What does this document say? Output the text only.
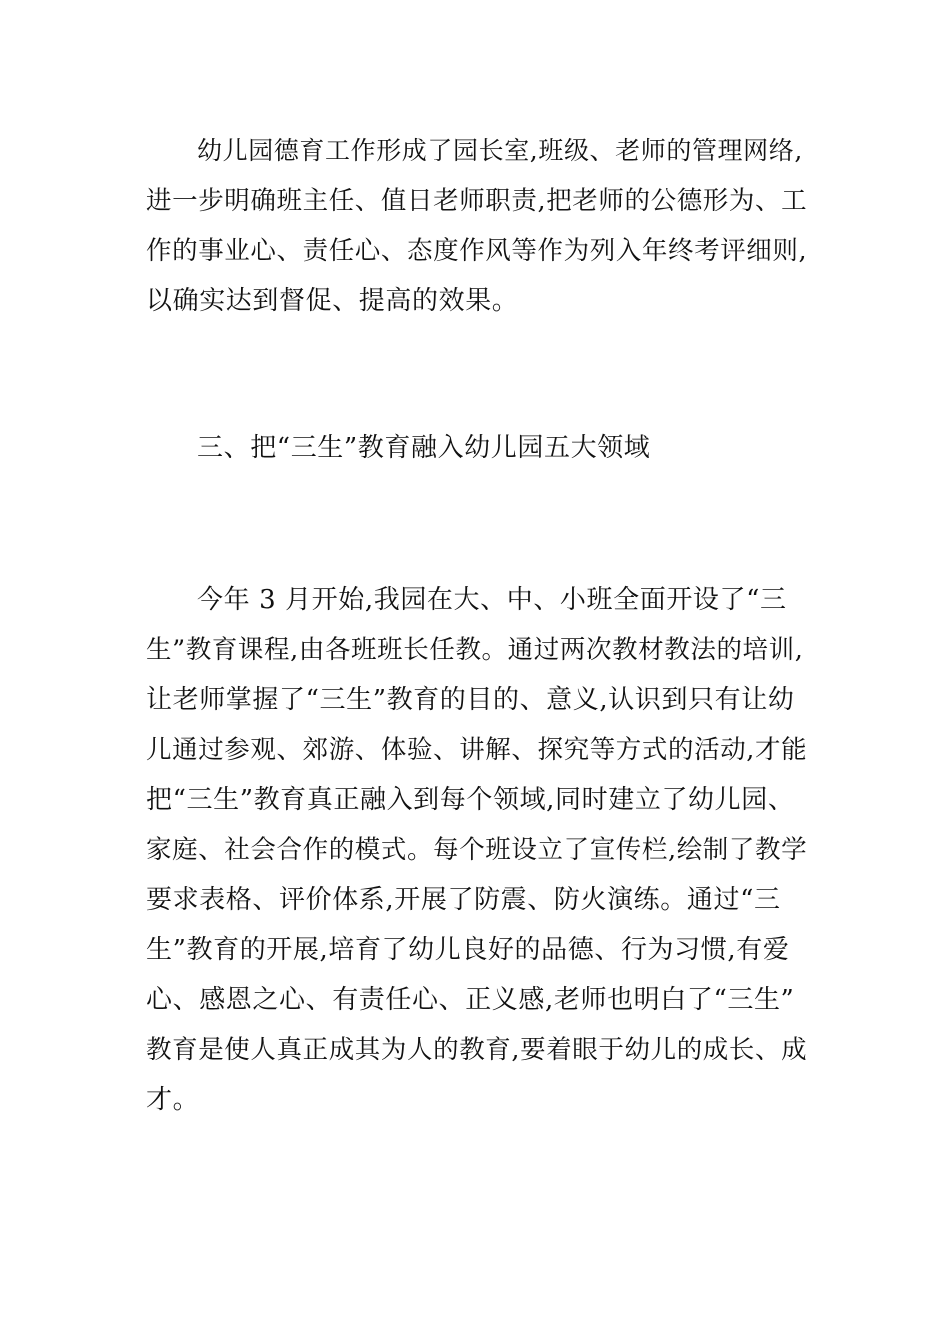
幼儿园德育工作形成了园长室,班级、老师的管理网络,
进一步明确班主任、值日老师职责,把老师的公德形为、工
作的事业心、责任心、态度作风等作为列入年终考评细则,
以确实达到督促、提高的效果。
三、把“三生”教育融入幼儿园五大领域
今年 3 月开始,我园在大、中、小班全面开设了“三
生”教育课程,由各班班长任教。通过两次教材教法的培训,
让老师掌握了“三生”教育的目的、意义,认识到只有让幼
儿通过参观、郊游、体验、讲解、探究等方式的活动,才能
把“三生”教育真正融入到每个领域,同时建立了幼儿园、
家庭、社会合作的模式。每个班设立了宣传栏,绘制了教学
要求表格、评价体系,开展了防震、防火演练。通过“三
生”教育的开展,培育了幼儿良好的品德、行为习惯,有爱
心、感恩之心、有责任心、正义感,老师也明白了“三生”
教育是使人真正成其为人的教育,要着眼于幼儿的成长、成
才。
